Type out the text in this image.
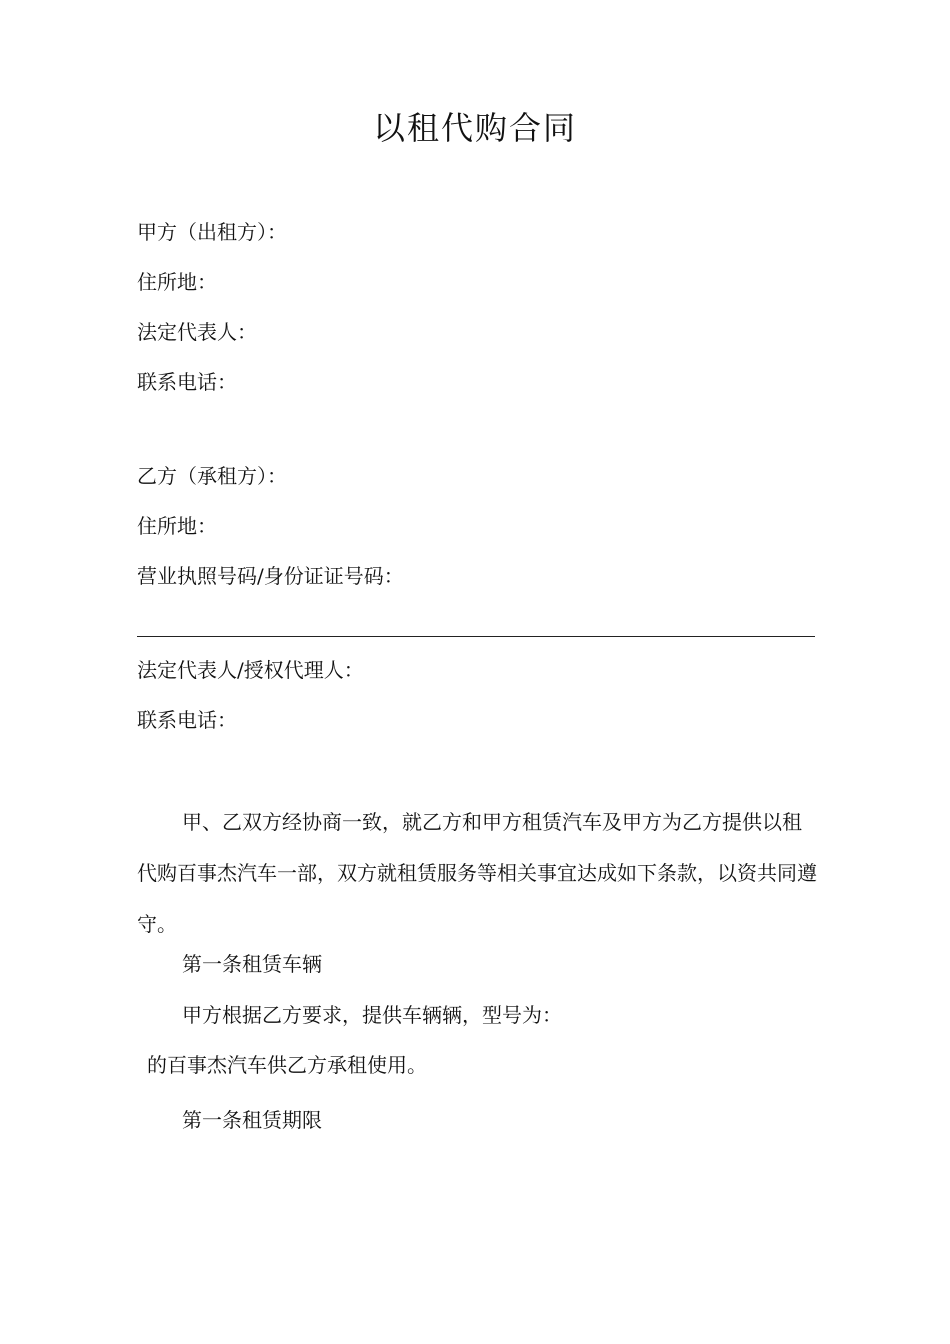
以租代购合同
甲方（出租方）：
住所地：
法定代表人：
联系电话：
乙方（承租方）：
住所地：
营业执照号码/身份证证号码：
法定代表人/授权代理人：
联系电话：
甲、乙双方经协商一致，就乙方和甲方租赁汽车及甲方为乙方提供以租代购百事杰汽车一部，双方就租赁服务等相关事宜达成如下条款，以资共同遵守。
第一条租赁车辆
甲方根据乙方要求，提供车辆辆，型号为：
的百事杰汽车供乙方承租使用。
第一条租赁期限
